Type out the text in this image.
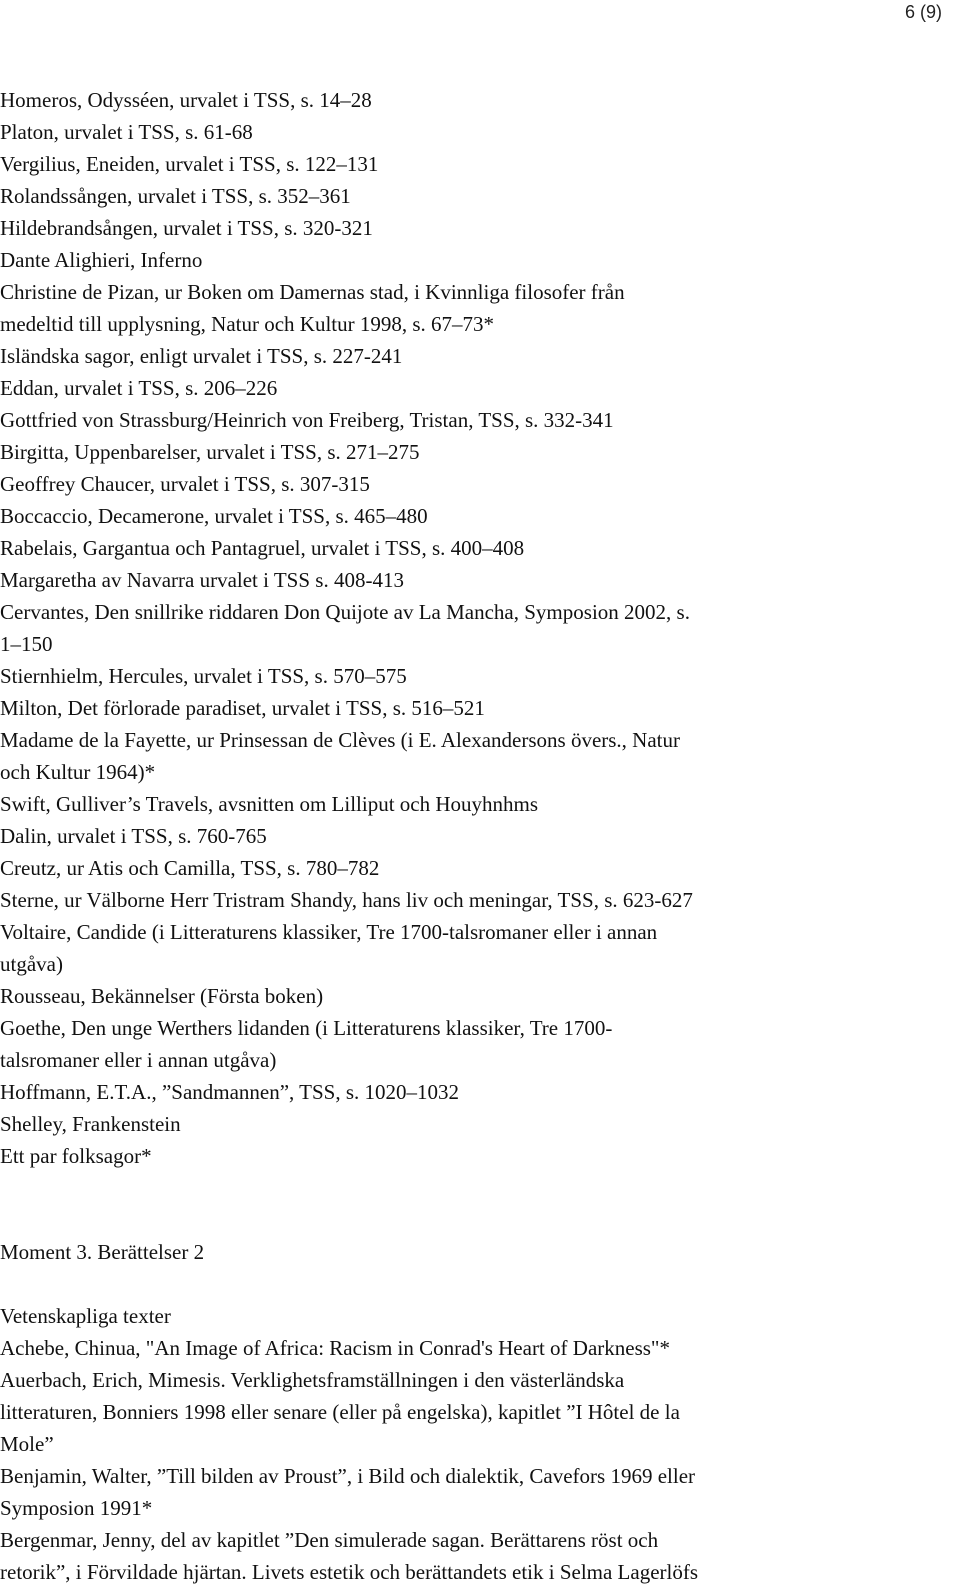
6 (9)
Homeros, Odysséen, urvalet i TSS, s. 14–28
Platon, urvalet i TSS, s. 61-68
Vergilius, Eneiden, urvalet i TSS, s. 122–131
Rolandssången, urvalet i TSS, s. 352–361
Hildebrandsången, urvalet i TSS, s. 320-321
Dante Alighieri, Inferno
Christine de Pizan, ur Boken om Damernas stad, i Kvinnliga filosofer från
medeltid till upplysning, Natur och Kultur 1998, s. 67–73*
Isländska sagor, enligt urvalet i TSS, s. 227-241
Eddan, urvalet i TSS, s. 206–226
Gottfried von Strassburg/Heinrich von Freiberg, Tristan, TSS, s. 332-341
Birgitta, Uppenbarelser, urvalet i TSS, s. 271–275
Geoffrey Chaucer, urvalet i TSS, s. 307-315
Boccaccio, Decamerone, urvalet i TSS, s. 465–480
Rabelais, Gargantua och Pantagruel, urvalet i TSS, s. 400–408
Margaretha av Navarra urvalet i TSS s. 408-413
Cervantes, Den snillrike riddaren Don Quijote av La Mancha, Symposion 2002, s.
1–150
Stiernhielm, Hercules, urvalet i TSS, s. 570–575
Milton, Det förlorade paradiset, urvalet i TSS, s. 516–521
Madame de la Fayette, ur Prinsessan de Clèves (i E. Alexandersons övers., Natur
och Kultur 1964)*
Swift, Gulliver’s Travels, avsnitten om Lilliput och Houyhnhms
Dalin, urvalet i TSS, s. 760-765
Creutz, ur Atis och Camilla, TSS, s. 780–782
Sterne, ur Välborne Herr Tristram Shandy, hans liv och meningar, TSS, s. 623-627
Voltaire, Candide (i Litteraturens klassiker, Tre 1700-talsromaner eller i annan
utgåva)
Rousseau, Bekännelser (Första boken)
Goethe, Den unge Werthers lidanden (i Litteraturens klassiker, Tre 1700-
talsromaner eller i annan utgåva)
Hoffmann, E.T.A., ”Sandmannen”, TSS, s. 1020–1032
Shelley, Frankenstein
Ett par folksagor*
Moment 3. Berättelser 2
Vetenskapliga texter
Achebe, Chinua, "An Image of Africa: Racism in Conrad's Heart of Darkness"*
Auerbach, Erich, Mimesis. Verklighetsframställningen i den västerländska
litteraturen, Bonniers 1998 eller senare (eller på engelska), kapitlet ”I Hôtel de la
Mole”
Benjamin, Walter, ”Till bilden av Proust”, i Bild och dialektik, Cavefors 1969 eller
Symposion 1991*
Bergenmar, Jenny, del av kapitlet ”Den simulerade sagan. Berättarens röst och
retorik”, i Förvildade hjärtan. Livets estetik och berättandets etik i Selma Lagerlöfs
